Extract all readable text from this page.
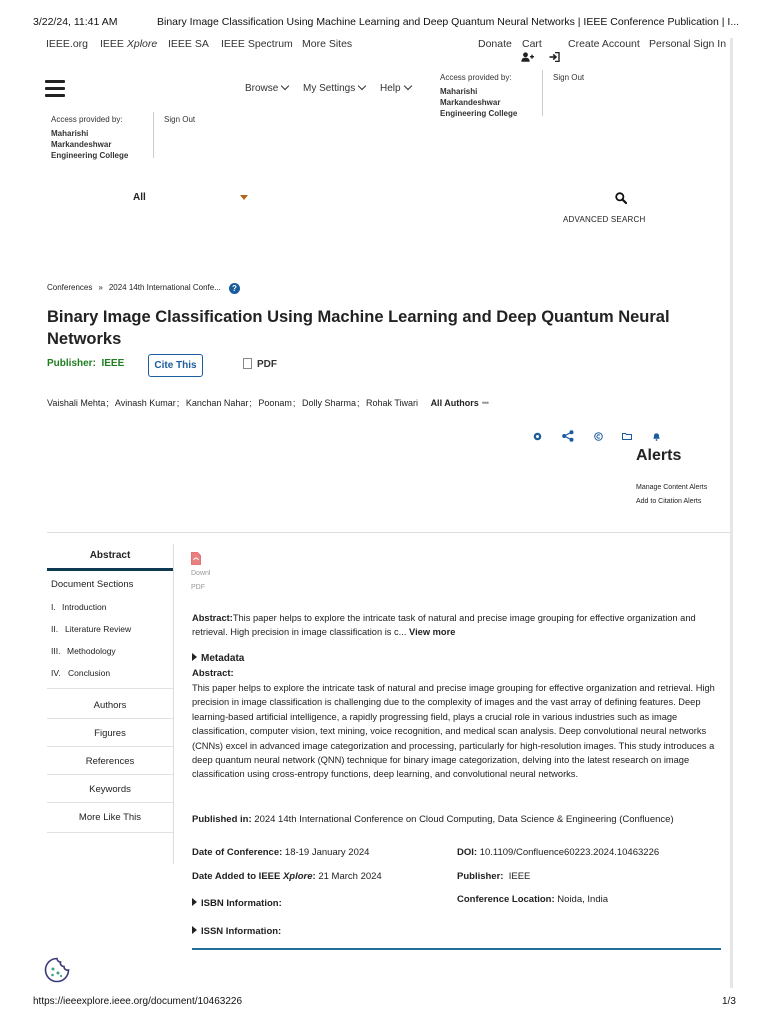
3/22/24, 11:41 AM	Binary Image Classification Using Machine Learning and Deep Quantum Neural Networks | IEEE Conference Publication | I...
https://ieeexplore.ieee.org/document/10463226	1/3
IEEE.org IEEE Xplore IEEE SA IEEE Spectrum More Sites	Donate Cart Create Account Personal Sign In
Browse	My Settings	Help
Access provided by:
Maharishi
Markandeshwar
Engineering College
Sign Out
Access provided by:
Maharishi
Markandeshwar
Engineering College
Sign Out
All
ADVANCED SEARCH
Conferences » 2024 14th International Confe... ?
Binary Image Classification Using Machine Learning and Deep Quantum Neural Networks
Publisher: IEEE	Cite This	PDF
Vaishali Mehta; Avinash Kumar; Kanchan Nahar; Poonam; Dolly Sharma; Rohak Tiwari All Authors •••

Alerts
Manage Content Alerts
Add to Citation Alerts
Abstract
Document Sections
I. Introduction
II. Literature Review
III. Methodology
IV. Conclusion
Authors
Figures
References
Keywords
More Like This
Downl
PDF
Abstract:This paper helps to explore the intricate task of natural and precise image grouping for effective organization and retrieval. High precision in image classification is c... View more
Metadata
Abstract:
This paper helps to explore the intricate task of natural and precise image grouping for effective organization and retrieval. High precision in image classification is challenging due to the complexity of images and the vast array of defining features. Deep learning-based artificial intelligence, a rapidly progressing field, plays a crucial role in various industries such as image classification, computer vision, text mining, voice recognition, and medical scan analysis. Deep convolutional neural networks (CNNs) excel in advanced image categorization and processing, particularly for high-resolution images. This study introduces a deep quantum neural network (QNN) technique for binary image categorization, delving into the latest research on image classification using cross-entropy functions, deep learning, and convolutional neural networks.
Published in: 2024 14th International Conference on Cloud Computing, Data Science & Engineering (Confluence)
Date of Conference: 18-19 January 2024	DOI: 10.1109/Confluence60223.2024.10463226
Date Added to IEEE Xplore: 21 March 2024	Publisher: IEEE
Conference Location: Noida, India
ISBN Information:
ISSN Information:
